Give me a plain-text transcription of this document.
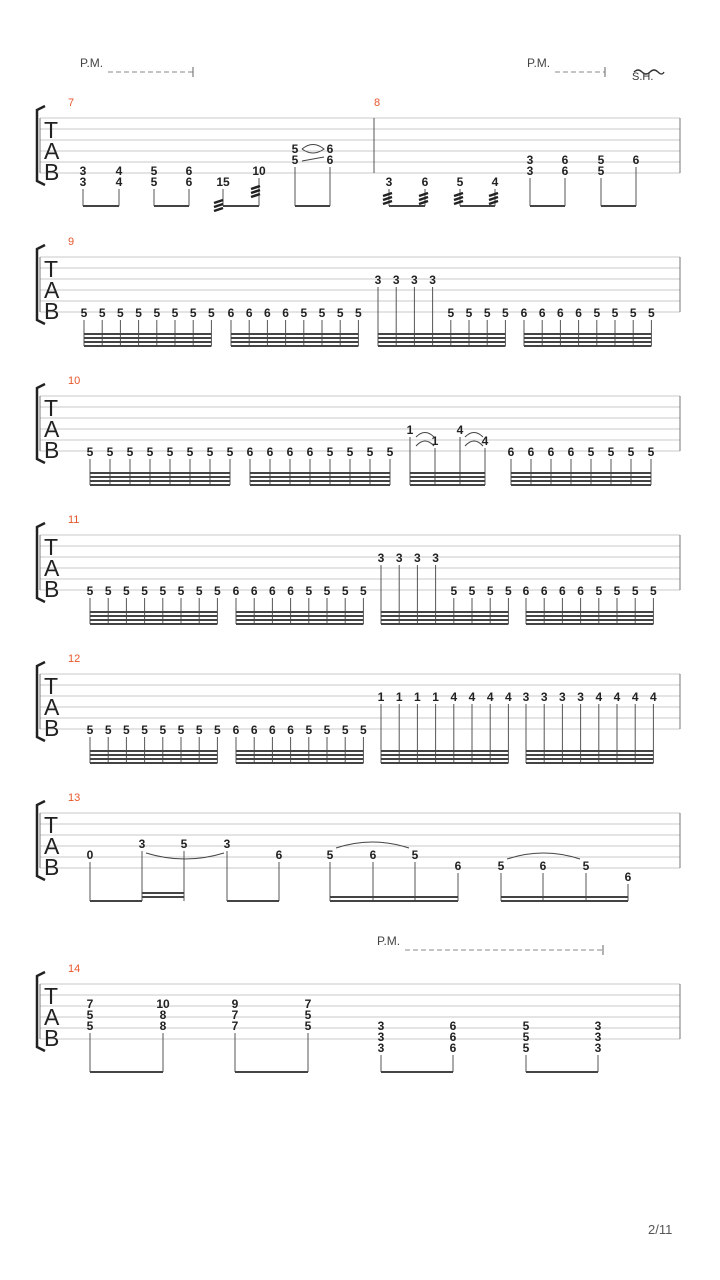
T
A
B
7	8
P.M.	P.M.
S.H.
3
3
4
4
5
5
6
6 15
10
5
5
6
6
3 6 5 4
3
3
6
6
5
5
6
T
A
B
9
5 5 5 5 5 5 5 5 6 6 6 6 5 5 5 5
3 3 3 3
5 5 5 5 6 6 6 6 5 5 5 5
T
A
B
10
5 5 5 5 5 5 5 5 6 6 6 6 5 5 5 5
1
1
4
4
6 6 6 6 5 5 5 5
T
A
B
11
5 5 5 5 5 5 5 5 6 6 6 6 5 5 5 5
3 3 3 3
5 5 5 5 6 6 6 6 5 5 5 5
T
A
B
12
5 5 5 5 5 5 5 5 6 6 6 6 5 5 5 5
1 1 1 1 4 4 4 4 3 3 3 3 4 4 4 4
T
A
B
13
0
3	5	3
6	5	6	5
6	5	6	5
6
T
A
B
14
P.M.
7
5
5
10
8
8
9
7
7
7
5
5	3
3
3
6
6
6
5
5
5
3
3
3
2/11
